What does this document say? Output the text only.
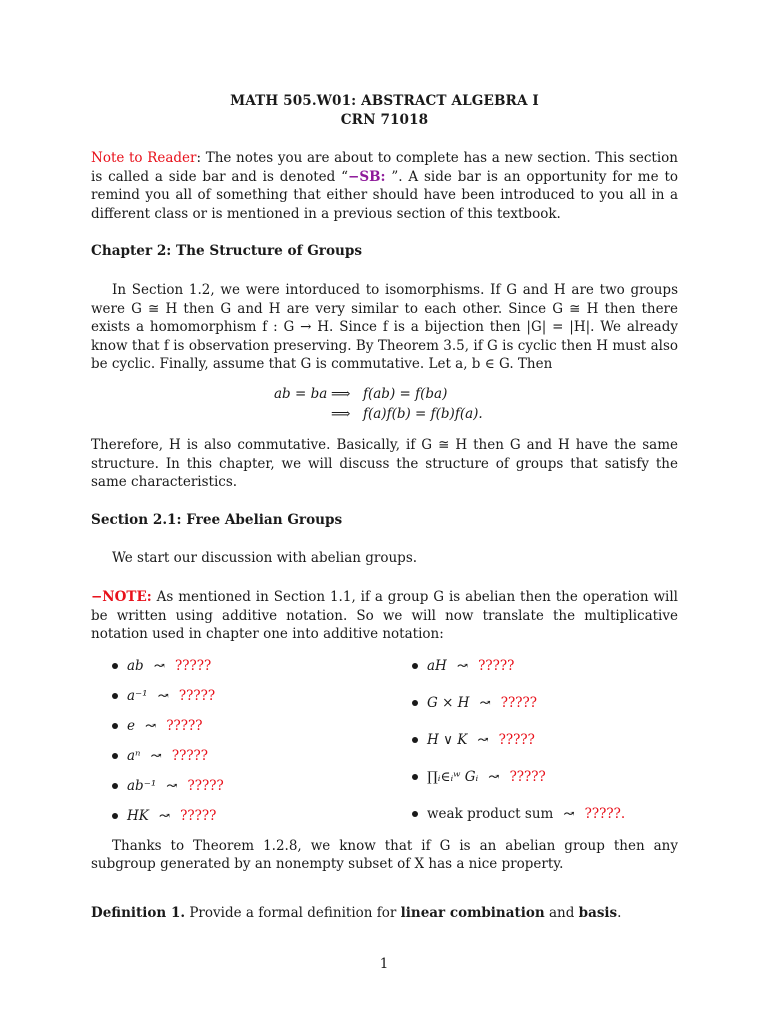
MATH 505.W01: ABSTRACT ALGEBRA I
CRN 71018

Note to Reader: The notes you are about to complete has a new section. This section is called a side bar and is denoted “−SB: ”. A side bar is an opportunity for me to remind you all of something that either should have been introduced to you all in a different class or is mentioned in a previous section of this textbook.

Chapter 2: The Structure of Groups

In Section 1.2, we were intorduced to isomorphisms. If G and H are two groups were G ≅ H then G and H are very similar to each other. Since G ≅ H then there exists a homomorphism f : G → H. Since f is a bijection then |G| = |H|. We already know that f is observation preserving. By Theorem 3.5, if G is cyclic then H must also be cyclic. Finally, assume that G is commutative. Let a, b ∈ G. Then

ab = ba ⟹ f(ab) = f(ba)
⟹ f(a)f(b) = f(b)f(a).

Therefore, H is also commutative. Basically, if G ≅ H then G and H have the same structure. In this chapter, we will discuss the structure of groups that satisfy the same characteristics.

Section 2.1: Free Abelian Groups

We start our discussion with abelian groups.

−NOTE: As mentioned in Section 1.1, if a group G is abelian then the operation will be written using additive notation. So we will now translate the multiplicative notation used in chapter one into additive notation:

ab ↝ ?????
a⁻¹ ↝ ?????
e ↝ ?????
aⁿ ↝ ?????
ab⁻¹ ↝ ?????
HK ↝ ?????
aH ↝ ?????
G × H ↝ ?????
H ∨ K ↝ ?????
∏ᵢ∈ᵢʷ Gᵢ ↝ ?????
weak product sum ↝ ?????.

Thanks to Theorem 1.2.8, we know that if G is an abelian group then any subgroup generated by an nonempty subset of X has a nice property.

Definition 1. Provide a formal definition for linear combination and basis.

1
